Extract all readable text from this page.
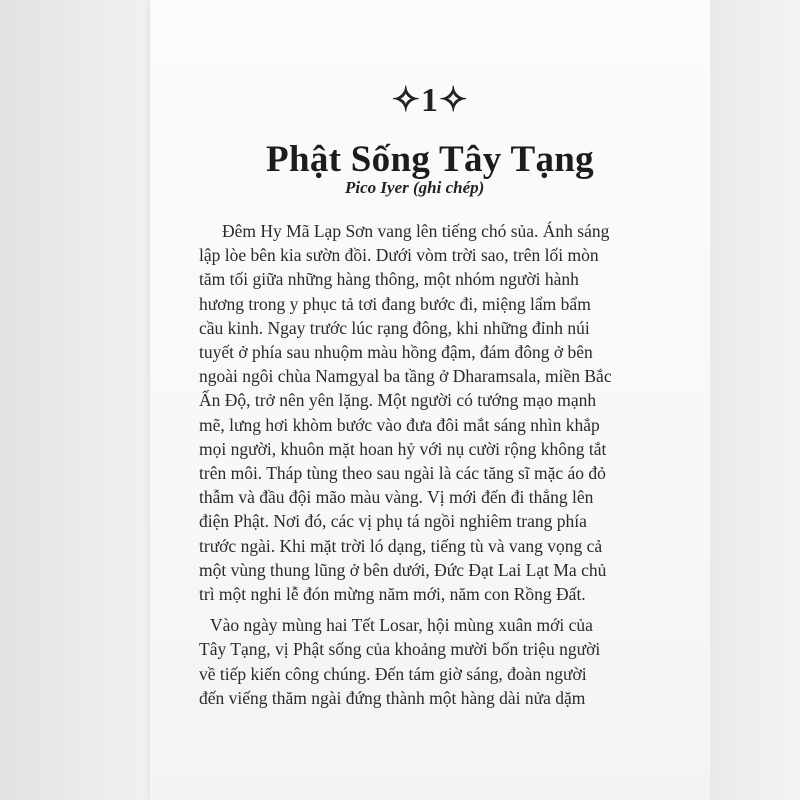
✧1✧
Phật Sống Tây Tạng
Pico Iyer (ghi chép)

Đêm Hy Mã Lạp Sơn vang lên tiếng chó sủa. Ánh sáng
lập lòe bên kia sườn đồi. Dưới vòm trời sao, trên lối mòn
tăm tối giữa những hàng thông, một nhóm người hành
hương trong y phục tả tơi đang bước đi, miệng lẩm bẩm
cầu kinh. Ngay trước lúc rạng đông, khi những đỉnh núi
tuyết ở phía sau nhuộm màu hồng đậm, đám đông ở bên
ngoài ngôi chùa Namgyal ba tầng ở Dharamsala, miền Bắc
Ấn Độ, trở nên yên lặng. Một người có tướng mạo mạnh
mẽ, lưng hơi khòm bước vào đưa đôi mắt sáng nhìn khắp
mọi người, khuôn mặt hoan hỷ với nụ cười rộng không tắt
trên môi. Tháp tùng theo sau ngài là các tăng sĩ mặc áo đỏ
thẫm và đầu đội mão màu vàng. Vị mới đến đi thẳng lên
điện Phật. Nơi đó, các vị phụ tá ngồi nghiêm trang phía
trước ngài. Khi mặt trời ló dạng, tiếng tù và vang vọng cả
một vùng thung lũng ở bên dưới, Đức Đạt Lai Lạt Ma chủ
trì một nghi lễ đón mừng năm mới, năm con Rồng Đất.

Vào ngày mùng hai Tết Losar, hội mùng xuân mới của
Tây Tạng, vị Phật sống của khoảng mười bốn triệu người
về tiếp kiến công chúng. Đến tám giờ sáng, đoàn người
đến viếng thăm ngài đứng thành một hàng dài nửa dặm
